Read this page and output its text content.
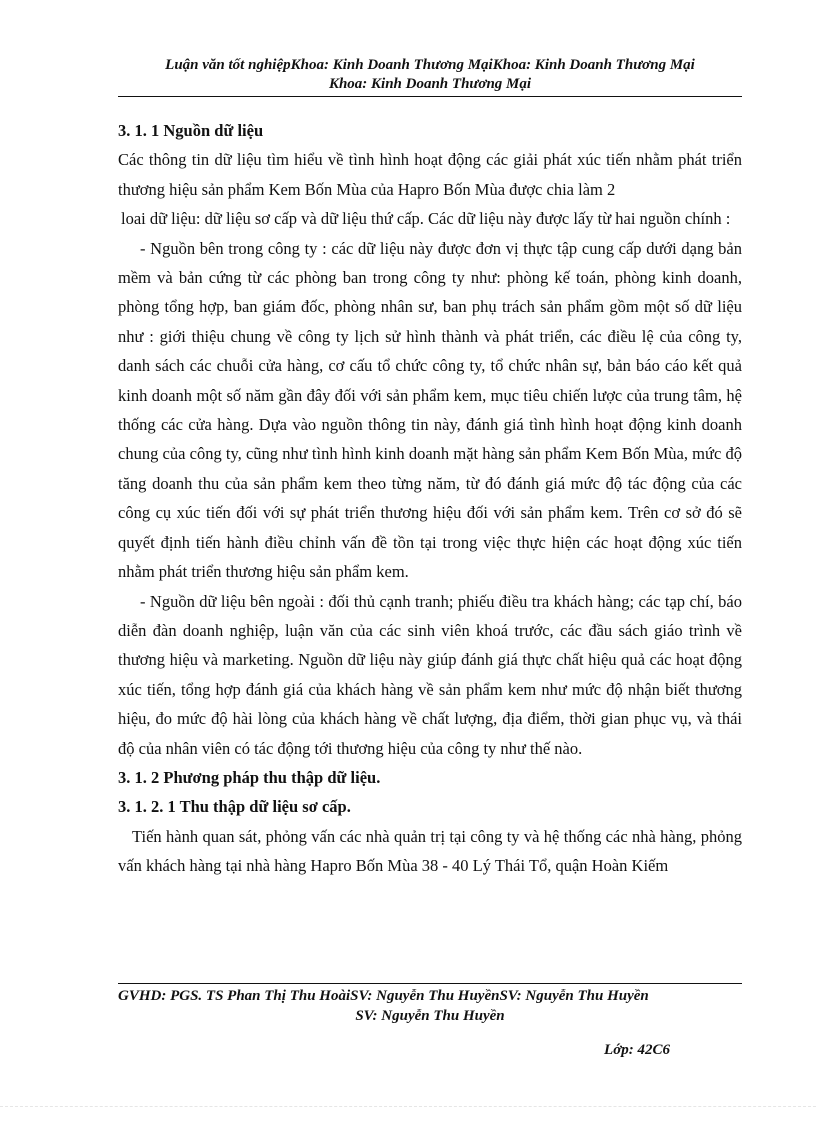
Luận văn tốt nghiệpKhoa: Kinh Doanh Thương MạiKhoa: Kinh Doanh Thương Mại
Khoa: Kinh Doanh Thương Mại

3. 1. 1 Nguồn dữ liệu

Các thông tin dữ liệu tìm hiểu về tình hình hoạt động các giải phát xúc tiến nhằm phát triển thương hiệu sản phẩm Kem Bốn Mùa của Hapro Bốn Mùa được chia làm 2

loai dữ liệu: dữ liệu sơ cấp và dữ liệu thứ cấp. Các dữ liệu này được lấy từ hai nguồn chính :

- Nguồn bên trong công ty : các dữ liệu này được đơn vị thực tập cung cấp dưới dạng bản mềm và bản cứng từ các phòng ban trong công ty như: phòng kế toán, phòng kinh doanh, phòng tổng hợp, ban giám đốc, phòng nhân sư, ban phụ trách sản phẩm gồm một số dữ liệu như : giới thiệu chung về công ty lịch sử hình thành và phát triển, các điều lệ của công ty, danh sách các chuỗi cửa hàng, cơ cấu tổ chức công ty, tổ chức nhân sự, bản báo cáo kết quả kinh doanh một số năm gần đây đối với sản phẩm kem, mục tiêu chiến lược của trung tâm, hệ thống các cửa hàng. Dựa vào nguồn thông tin này, đánh giá tình hình hoạt động kinh doanh chung của công ty, cũng như tình hình kinh doanh mặt hàng sản phẩm Kem Bốn Mùa, mức độ tăng doanh thu của sản phẩm kem theo từng năm, từ đó đánh giá mức độ tác động của các công cụ xúc tiến đối với sự phát triển thương hiệu đối với sản phẩm kem. Trên cơ sở đó sẽ quyết định tiến hành điều chỉnh vấn đề tồn tại trong việc thực hiện các hoạt động xúc tiến nhằm phát triển thương hiệu sản phẩm kem.

- Nguồn dữ liệu bên ngoài : đối thủ cạnh tranh; phiếu điều tra khách hàng; các tạp chí, báo diễn đàn doanh nghiệp, luận văn của các sinh viên khoá trước, các đầu sách giáo trình về thương hiệu và marketing. Nguồn dữ liệu này giúp đánh giá thực chất hiệu quả các hoạt động xúc tiến, tổng hợp đánh giá của khách hàng về sản phẩm kem như mức độ nhận biết thương hiệu, đo mức độ hài lòng của khách hàng về chất lượng, địa điểm, thời gian phục vụ, và thái độ của nhân viên có tác động tới thương hiệu của công ty như thế nào.

3. 1. 2 Phương pháp thu thập dữ liệu.

3. 1. 2. 1 Thu thập dữ liệu sơ cấp.

Tiến hành quan sát, phỏng vấn các nhà quản trị tại công ty và hệ thống các nhà hàng, phỏng vấn khách hàng tại nhà hàng Hapro Bốn Mùa 38 - 40 Lý Thái Tổ, quận Hoàn Kiếm

GVHD: PGS. TS Phan Thị Thu HoàiSV: Nguyễn Thu HuyềnSV: Nguyễn Thu Huyền
SV: Nguyễn Thu Huyền
Lớp: 42C6
